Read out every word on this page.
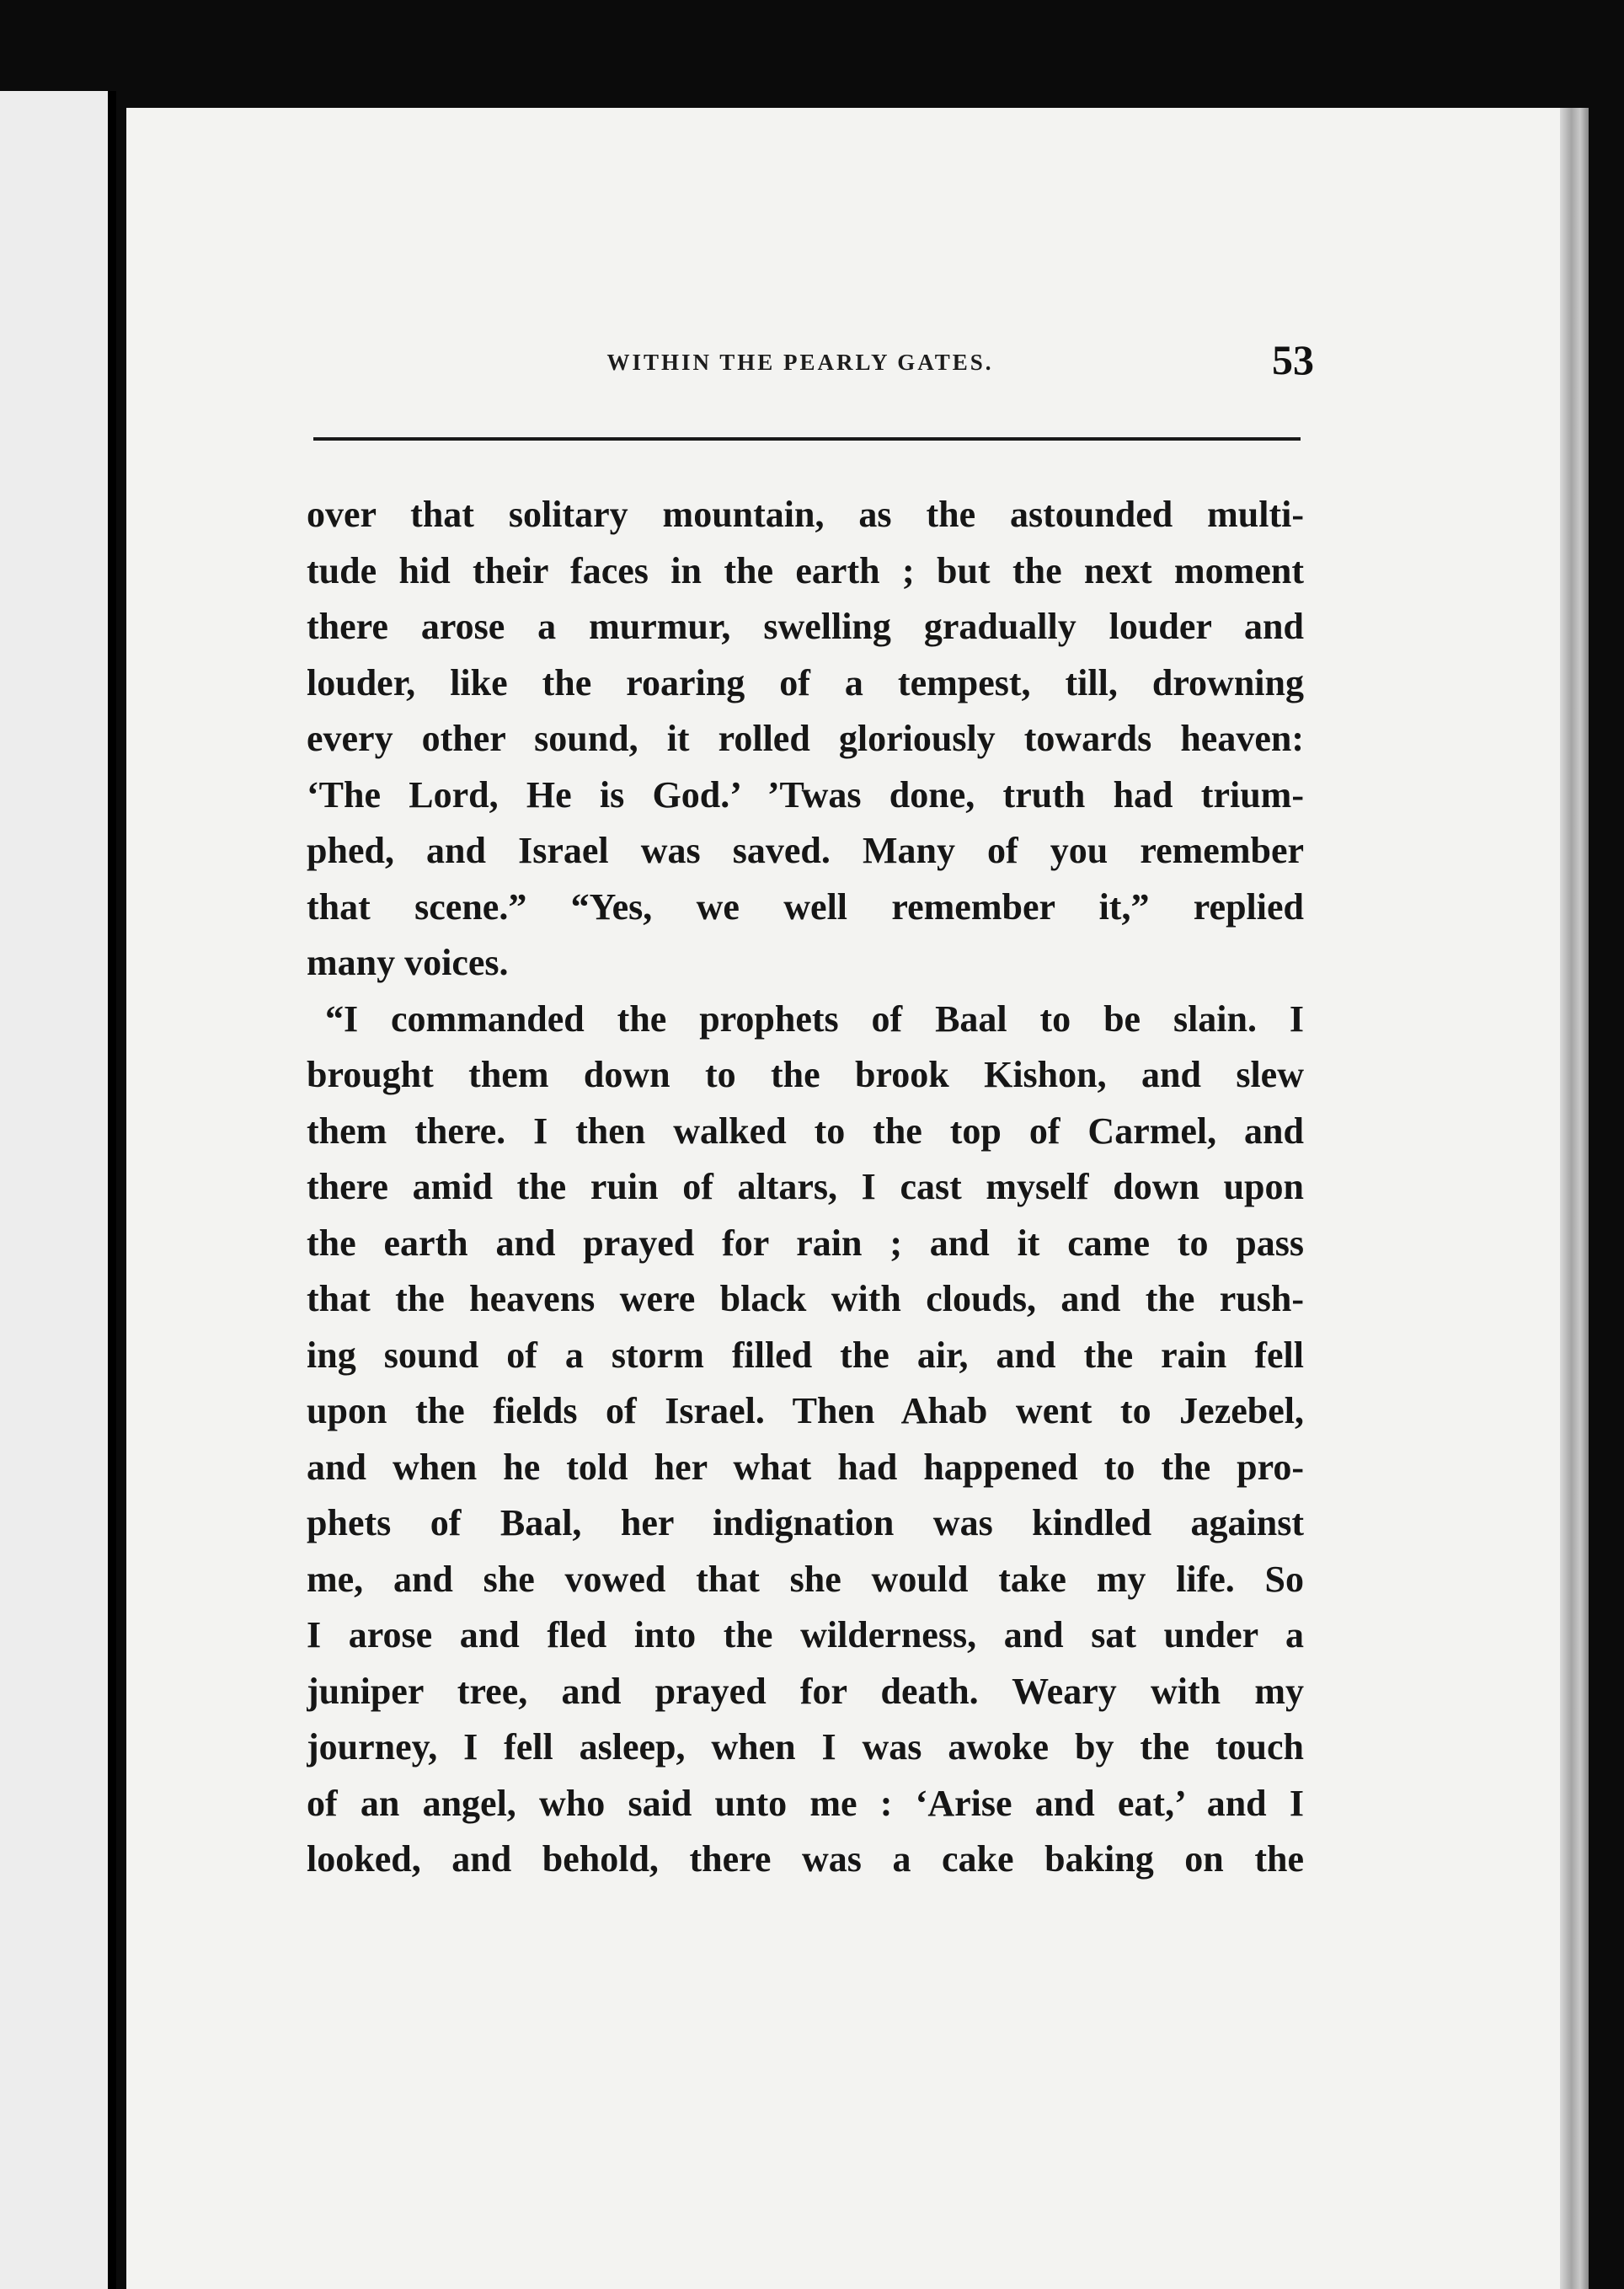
WITHIN THE PEARLY GATES.	53
over that solitary mountain, as the astounded multi-
tude hid their faces in the earth ; but the next moment
there arose a murmur, swelling gradually louder and
louder, like the roaring of a tempest, till, drowning
every other sound, it rolled gloriously towards heaven:
‘The Lord, He is God.’ ’Twas done, truth had trium-
phed, and Israel was saved. Many of you remember
that scene.” “Yes, we well remember it,” replied
many voices.
“I commanded the prophets of Baal to be slain. I
brought them down to the brook Kishon, and slew
them there. I then walked to the top of Carmel, and
there amid the ruin of altars, I cast myself down upon
the earth and prayed for rain ; and it came to pass
that the heavens were black with clouds, and the rush-
ing sound of a storm filled the air, and the rain fell
upon the fields of Israel. Then Ahab went to Jezebel,
and when he told her what had happened to the pro-
phets of Baal, her indignation was kindled against
me, and she vowed that she would take my life. So
I arose and fled into the wilderness, and sat under a
juniper tree, and prayed for death. Weary with my
journey, I fell asleep, when I was awoke by the touch
of an angel, who said unto me : ‘Arise and eat,’ and I
looked, and behold, there was a cake baking on the
